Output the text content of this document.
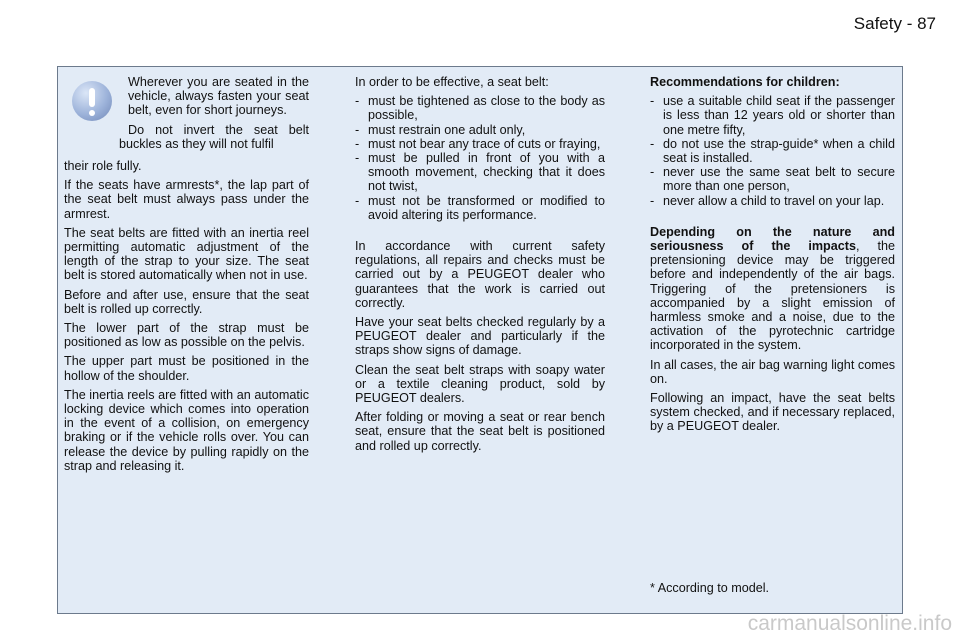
Safety - 87

Wherever you are seated in the vehicle, always fasten your seat belt, even for short journeys.

Do not invert the seat belt buckles as they will not fulfil

their role fully.

If the seats have armrests*, the lap part of the seat belt must always pass under the armrest.

The seat belts are fitted with an inertia reel permitting automatic adjustment of the length of the strap to your size. The seat belt is stored automatically when not in use.

Before and after use, ensure that the seat belt is rolled up correctly.

The lower part of the strap must be positioned as low as possible on the pelvis.

The upper part must be positioned in the hollow of the shoulder.

The inertia reels are fitted with an automatic locking device which comes into operation in the event of a collision, on emergency braking or if the vehicle rolls over. You can release the device by pulling rapidly on the strap and releasing it.

In order to be effective, a seat belt:

- must be tightened as close to the body as possible,
- must restrain one adult only,
- must not bear any trace of cuts or fraying,
- must be pulled in front of you with a smooth movement, checking that it does not twist,
- must not be transformed or modified to avoid altering its performance.

In accordance with current safety regulations, all repairs and checks must be carried out by a PEUGEOT dealer who guarantees that the work is carried out correctly.

Have your seat belts checked regularly by a PEUGEOT dealer and particularly if the straps show signs of damage.

Clean the seat belt straps with soapy water or a textile cleaning product, sold by PEUGEOT dealers.

After folding or moving a seat or rear bench seat, ensure that the seat belt is positioned and rolled up correctly.

Recommendations for children:

- use a suitable child seat if the passenger is less than 12 years old or shorter than one metre fifty,
- do not use the strap-guide* when a child seat is installed.
- never use the same seat belt to secure more than one person,
- never allow a child to travel on your lap.

Depending on the nature and seriousness of the impacts, the pretensioning device may be triggered before and independently of the air bags. Triggering of the pretensioners is accompanied by a slight emission of harmless smoke and a noise, due to the activation of the pyrotechnic cartridge incorporated in the system.

In all cases, the air bag warning light comes on.

Following an impact, have the seat belts system checked, and if necessary replaced, by a PEUGEOT dealer.

* According to model.
carmanualsonline.info
